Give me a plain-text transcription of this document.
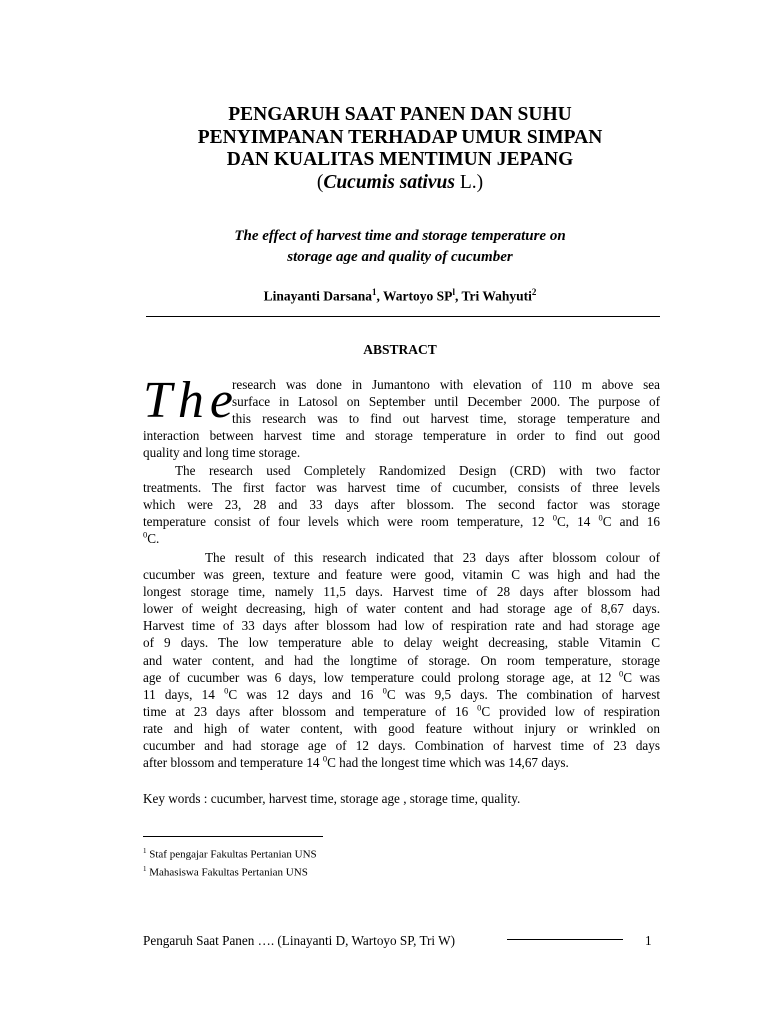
PENGARUH SAAT PANEN DAN SUHU
PENYIMPANAN TERHADAP UMUR SIMPAN
DAN KUALITAS MENTIMUN JEPANG
(Cucumis sativus L.)
The effect of harvest time and storage temperature on
storage age and quality of cucumber
Linayanti Darsana$^1$, Wartoyo $SP^l$, Tri Wahyuti$^2$
ABSTRACT
The
research was done in Jumantono with elevation of 110 m above sea
surface in Latosol on September until December 2000. The purpose of
this research was to find out harvest time, storage temperature and
interaction between harvest time and storage temperature in order to find out good
quality and long time storage.
The research used Completely Randomized Design (CRD) with two factor
treatments. The first factor was harvest time of cucumber, consists of three levels
which were 23, 28 and 33 days after blossom. The second factor was storage
temperature consist of four levels which were room temperature, 12 $^0$C, 14 $^0$C and 16
$^0$C.
The result of this research indicated that 23 days after blossom colour of
cucumber was green, texture and feature were good, vitamin C was high and had the
longest storage time, namely 11,5 days. Harvest time of 28 days after blossom had
lower of weight decreasing, high of water content and had storage age of 8,67 days.
Harvest time of 33 days after blossom had low of respiration rate and had storage age
of 9 days. The low temperature able to delay weight decreasing, stable Vitamin C
and water content, and had the longtime of storage. On room temperature, storage
age of cucumber was 6 days, low temperature could prolong storage age, at 12 $^0$C was
11 days, 14 $^0$C was 12 days and 16 $^0$C was 9,5 days. The combination of harvest
time at 23 days after blossom and temperature of 16 $^0$C provided low of respiration
rate and high of water content, with good feature without injury or wrinkled on
cucumber and had storage age of 12 days. Combination of harvest time of 23 days
after blossom and temperature 14 $^0$C had the longest time which was 14,67 days.
Key words : cucumber, harvest time, storage age , storage time, quality.
$^1$ Staf pengajar Fakultas Pertanian UNS
$^1$ Mahasiswa Fakultas Pertanian UNS
Pengaruh Saat Panen …. (Linayanti D, Wartoyo SP, Tri W)	1
